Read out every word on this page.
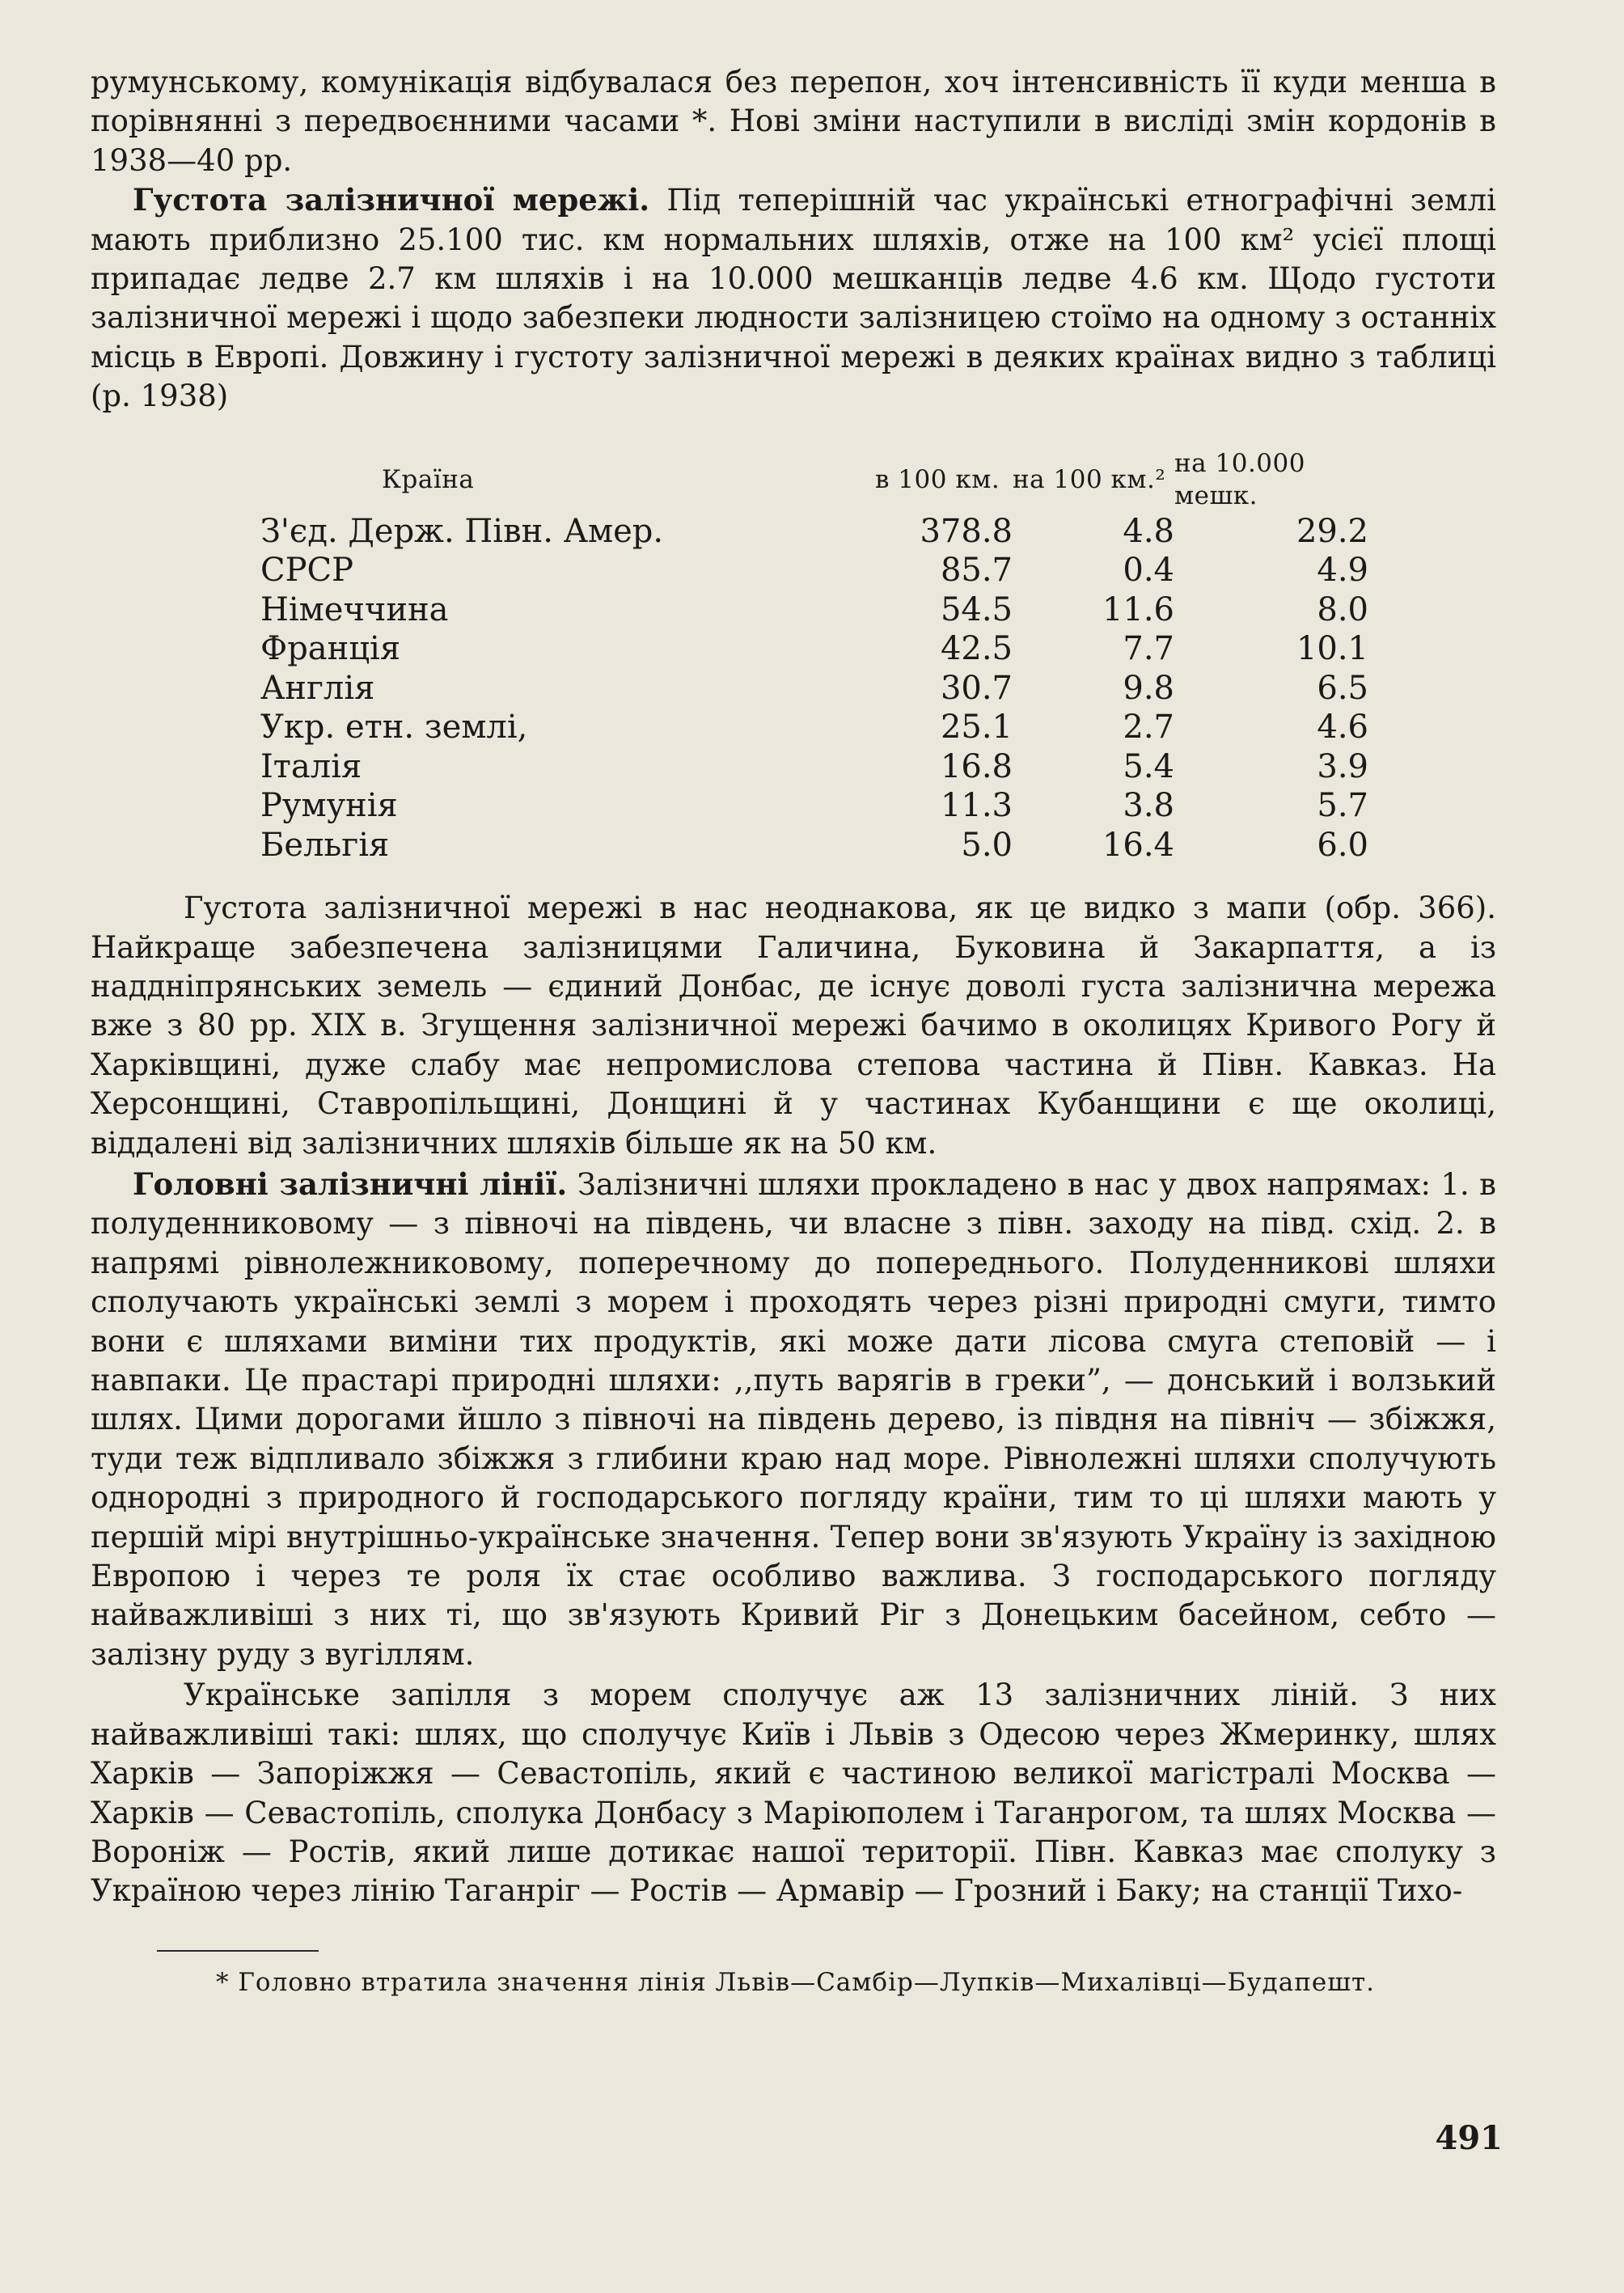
румунському, комунікація відбувалася без перепон, хоч інтенсивність її куди менша в порівнянні з передвоєнними часами *. Нові зміни наступили в висліді змін кордонів в 1938—40 рр.

Густота залізничної мережі. Під теперішній час українські етнографічні землі мають приблизно 25.100 тис. км нормальних шляхів, отже на 100 км² усієї площі припадає ледве 2.7 км шляхів і на 10.000 мешканців ледве 4.6 км. Щодо густоти залізничної мережі і щодо забезпеки людности залізницею стоїмо на одному з останніх місць в Европі. Довжину і густоту залізничної мережі в деяких країнах видно з таблиці (р. 1938)

Країна	в 100 км.	на 100 км.²	на 10.000 мешк.
З'єд. Держ. Півн. Амер.	378.8	4.8	29.2
СРСР	85.7	0.4	4.9
Німеччина	54.5	11.6	8.0
Франція	42.5	7.7	10.1
Англія	30.7	9.8	6.5
Укр. етн. землі,	25.1	2.7	4.6
Італія	16.8	5.4	3.9
Румунія	11.3	3.8	5.7
Бельгія	5.0	16.4	6.0

Густота залізничної мережі в нас неоднакова, як це видко з мапи (обр. 366). Найкраще забезпечена залізницями Галичина, Буковина й Закарпаття, а із наддніпрянських земель — єдиний Донбас, де існує доволі густа залізнична мережа вже з 80 рр. XIX в. Згущення залізничної мережі бачимо в околицях Кривого Рогу й Харківщині, дуже слабу має непромислова степова частина й Півн. Кавказ. На Херсонщині, Ставропільщині, Донщині й у частинах Кубанщини є ще околиці, віддалені від залізничних шляхів більше як на 50 км.

Головні залізничні лінії. Залізничні шляхи прокладено в нас у двох напрямах: 1. в полуденниковому — з півночі на південь, чи власне з півн. заходу на півд. схід. 2. в напрямі рівнолежниковому, поперечному до попереднього. Полуденникові шляхи сполучають українські землі з морем і проходять через різні природні смуги, тимто вони є шляхами виміни тих продуктів, які може дати лісова смуга степовій — і навпаки. Це прастарі природні шляхи: ,,путь варягів в греки”, — донський і волзький шлях. Цими дорогами йшло з півночі на південь дерево, із півдня на північ — збіжжя, туди теж відпливало збіжжя з глибини краю над море. Рівнолежні шляхи сполучують однородні з природного й господарського погляду країни, тим то ці шляхи мають у першій мірі внутрішньо-українське значення. Тепер вони зв'язують Україну із західною Европою і через те роля їх стає особливо важлива. З господарського погляду найважливіші з них ті, що зв'язують Кривий Ріг з Донецьким басейном, себто — залізну руду з вугіллям.

Українське запілля з морем сполучує аж 13 залізничних ліній. З них найважливіші такі: шлях, що сполучує Київ і Львів з Одесою через Жмеринку, шлях Харків — Запоріжжя — Севастопіль, який є частиною великої магістралі Москва — Харків — Севастопіль, сполука Донбасу з Маріюполем і Таганрогом, та шлях Москва — Вороніж — Ростів, який лише дотикає нашої території. Півн. Кавказ має сполуку з Україною через лінію Таганріг — Ростів — Армавір — Грозний і Баку; на станції Тихо-

* Головно втратила значення лінія Львів—Самбір—Лупків—Михалівці—Будапешт.

491
